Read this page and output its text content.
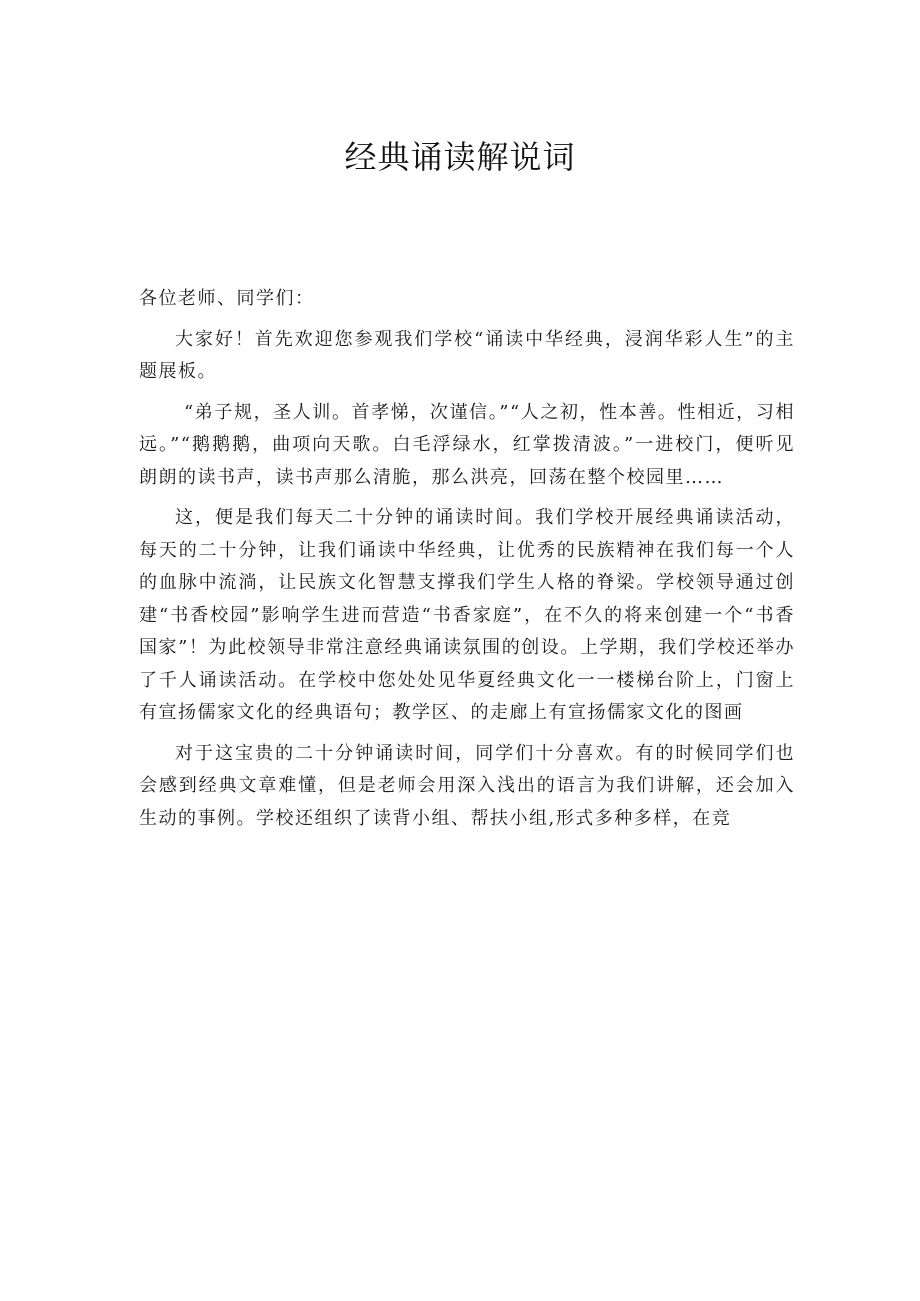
经典诵读解说词
各位老师、同学们：

大家好！首先欢迎您参观我们学校“诵读中华经典，浸润华彩人生”的主题展板。

“弟子规，圣人训。首孝悌，次谨信。”“人之初，性本善。性相近，习相远。”“鹅鹅鹅，曲项向天歌。白毛浮绿水，红掌拨清波。”一进校门，便听见朗朗的读书声，读书声那么清脆，那么洪亮，回荡在整个校园里……

这，便是我们每天二十分钟的诵读时间。我们学校开展经典诵读活动，每天的二十分钟，让我们诵读中华经典，让优秀的民族精神在我们每一个人的血脉中流淌，让民族文化智慧支撑我们学生人格的脊梁。学校领导通过创建“书香校园”影响学生进而营造“书香家庭”，在不久的将来创建一个“书香国家”！为此校领导非常注意经典诵读氛围的创设。上学期，我们学校还举办了千人诵读活动。在学校中您处处见华夏经典文化一一楼梯台阶上，门窗上有宣扬儒家文化的经典语句；教学区、的走廊上有宣扬儒家文化的图画

对于这宝贵的二十分钟诵读时间，同学们十分喜欢。有的时候同学们也会感到经典文章难懂，但是老师会用深入浅出的语言为我们讲解，还会加入生动的事例。学校还组织了读背小组、帮扶小组,形式多种多样，在竞
